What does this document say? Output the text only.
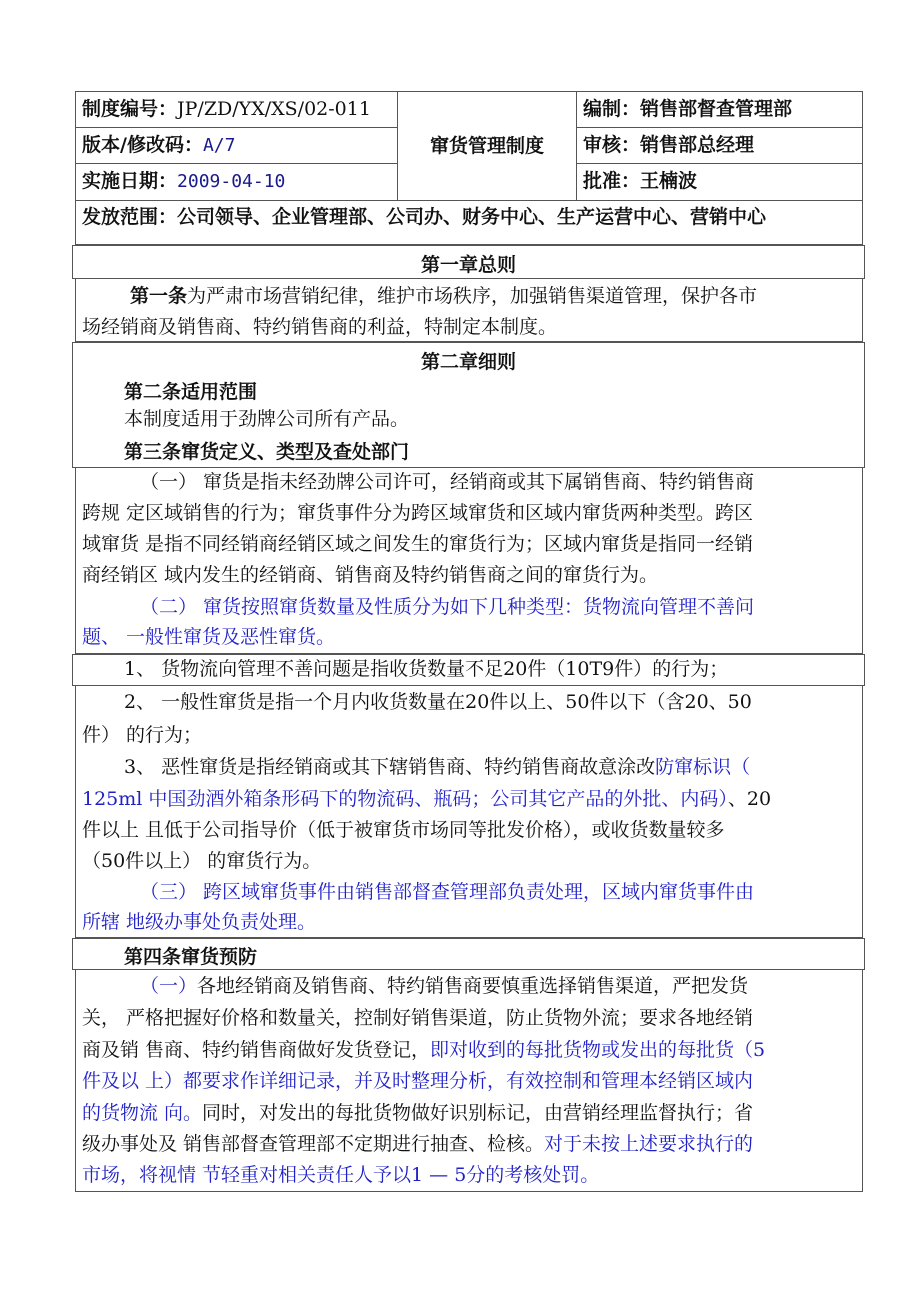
制度编号：JP/ZD/YX/XS/02-011
版本/修改码：A/7
实施日期：2009-04-10
窜货管理制度
编制：销售部督查管理部
审核：销售部总经理
批准：王楠波
发放范围：公司领导、企业管理部、公司办、财务中心、生产运营中心、营销中心
第一章总则
第一条为严肃市场营销纪律，维护市场秩序，加强销售渠道管理，保护各市
场经销商及销售商、特约销售商的利益，特制定本制度。
第二章细则
第二条适用范围
本制度适用于劲牌公司所有产品。
第三条窜货定义、类型及查处部门
（一） 窜货是指未经劲牌公司许可，经销商或其下属销售商、特约销售商
跨规 定区域销售的行为；窜货事件分为跨区域窜货和区域内窜货两种类型。跨区
域窜货 是指不同经销商经销区域之间发生的窜货行为；区域内窜货是指同一经销
商经销区 域内发生的经销商、销售商及特约销售商之间的窜货行为。
（二） 窜货按照窜货数量及性质分为如下几种类型：货物流向管理不善问
题、 一般性窜货及恶性窜货。
1、 货物流向管理不善问题是指收货数量不足20件（10T9件）的行为；
2、 一般性窜货是指一个月内收货数量在20件以上、50件以下（含20、50
件） 的行为；
3、 恶性窜货是指经销商或其下辖销售商、特约销售商故意涂改防窜标识（
125ml 中国劲酒外箱条形码下的物流码、瓶码；公司其它产品的外批、内码）、20
件以上 且低于公司指导价（低于被窜货市场同等批发价格），或收货数量较多
（50件以上） 的窜货行为。
（三） 跨区域窜货事件由销售部督查管理部负责处理，区域内窜货事件由
所辖 地级办事处负责处理。
第四条窜货预防
（一）各地经销商及销售商、特约销售商要慎重选择销售渠道，严把发货
关， 严格把握好价格和数量关，控制好销售渠道，防止货物外流；要求各地经销
商及销 售商、特约销售商做好发货登记，即对收到的每批货物或发出的每批货（5
件及以 上）都要求作详细记录，并及时整理分析，有效控制和管理本经销区域内
的货物流 向。同时，对发出的每批货物做好识别标记，由营销经理监督执行；省
级办事处及 销售部督查管理部不定期进行抽查、检核。对于未按上述要求执行的
市场，将视情 节轻重对相关责任人予以1 — 5分的考核处罚。
